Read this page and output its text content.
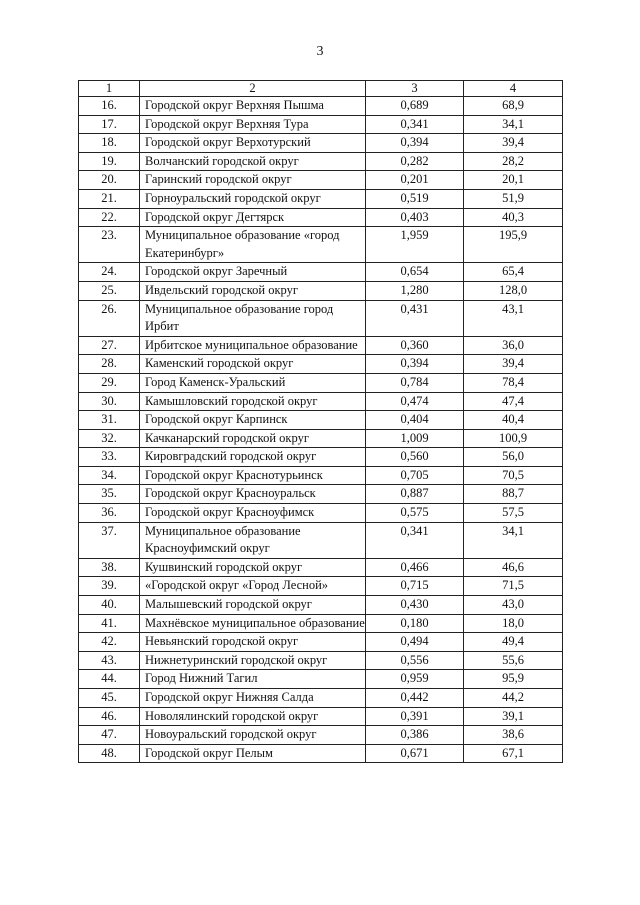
3
1	2	3	4
16.	Городской округ Верхняя Пышма	0,689	68,9
17.	Городской округ Верхняя Тура	0,341	34,1
18.	Городской округ Верхотурский	0,394	39,4
19.	Волчанский городской округ	0,282	28,2
20.	Гаринский городской округ	0,201	20,1
21.	Горноуральский городской округ	0,519	51,9
22.	Городской округ Дегтярск	0,403	40,3
23.	Муниципальное образование «город Екатеринбург»	1,959	195,9
24.	Городской округ Заречный	0,654	65,4
25.	Ивдельский городской округ	1,280	128,0
26.	Муниципальное образование город Ирбит	0,431	43,1
27.	Ирбитское муниципальное образование	0,360	36,0
28.	Каменский городской округ	0,394	39,4
29.	Город Каменск-Уральский	0,784	78,4
30.	Камышловский городской округ	0,474	47,4
31.	Городской округ Карпинск	0,404	40,4
32.	Качканарский городской округ	1,009	100,9
33.	Кировградский городской округ	0,560	56,0
34.	Городской округ Краснотурьинск	0,705	70,5
35.	Городской округ Красноуральск	0,887	88,7
36.	Городской округ Красноуфимск	0,575	57,5
37.	Муниципальное образование Красноуфимский округ	0,341	34,1
38.	Кушвинский городской округ	0,466	46,6
39.	«Городской округ «Город Лесной»	0,715	71,5
40.	Малышевский городской округ	0,430	43,0
41.	Махнёвское муниципальное образование	0,180	18,0
42.	Невьянский городской округ	0,494	49,4
43.	Нижнетуринский городской округ	0,556	55,6
44.	Город Нижний Тагил	0,959	95,9
45.	Городской округ Нижняя Салда	0,442	44,2
46.	Новолялинский городской округ	0,391	39,1
47.	Новоуральский городской округ	0,386	38,6
48.	Городской округ Пелым	0,671	67,1
